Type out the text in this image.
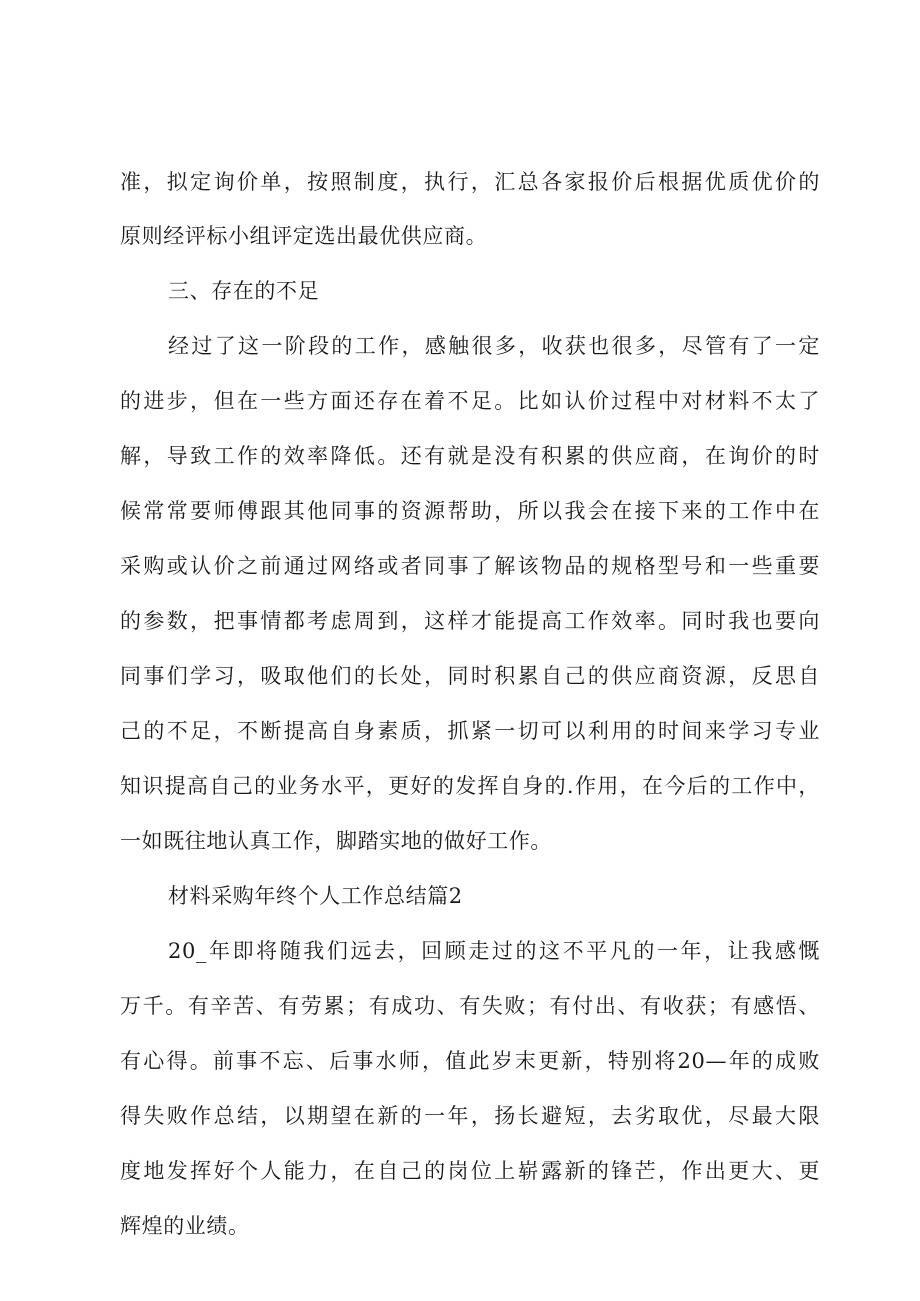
准，拟定询价单，按照制度，执行，汇总各家报价后根据优质优价的
原则经评标小组评定选出最优供应商。
三、存在的不足
经过了这一阶段的工作，感触很多，收获也很多，尽管有了一定
的进步，但在一些方面还存在着不足。比如认价过程中对材料不太了
解，导致工作的效率降低。还有就是没有积累的供应商，在询价的时
候常常要师傅跟其他同事的资源帮助，所以我会在接下来的工作中在
采购或认价之前通过网络或者同事了解该物品的规格型号和一些重要
的参数，把事情都考虑周到，这样才能提高工作效率。同时我也要向
同事们学习，吸取他们的长处，同时积累自己的供应商资源，反思自
己的不足，不断提高自身素质，抓紧一切可以利用的时间来学习专业
知识提高自己的业务水平，更好的发挥自身的.作用，在今后的工作中，
一如既往地认真工作，脚踏实地的做好工作。
材料采购年终个人工作总结篇2
20_年即将随我们远去，回顾走过的这不平凡的一年，让我感慨
万千。有辛苦、有劳累；有成功、有失败；有付出、有收获；有感悟、
有心得。前事不忘、后事水师，值此岁末更新，特别将20—年的成败
得失败作总结，以期望在新的一年，扬长避短，去劣取优，尽最大限
度地发挥好个人能力，在自己的岗位上崭露新的锋芒，作出更大、更
辉煌的业绩。
